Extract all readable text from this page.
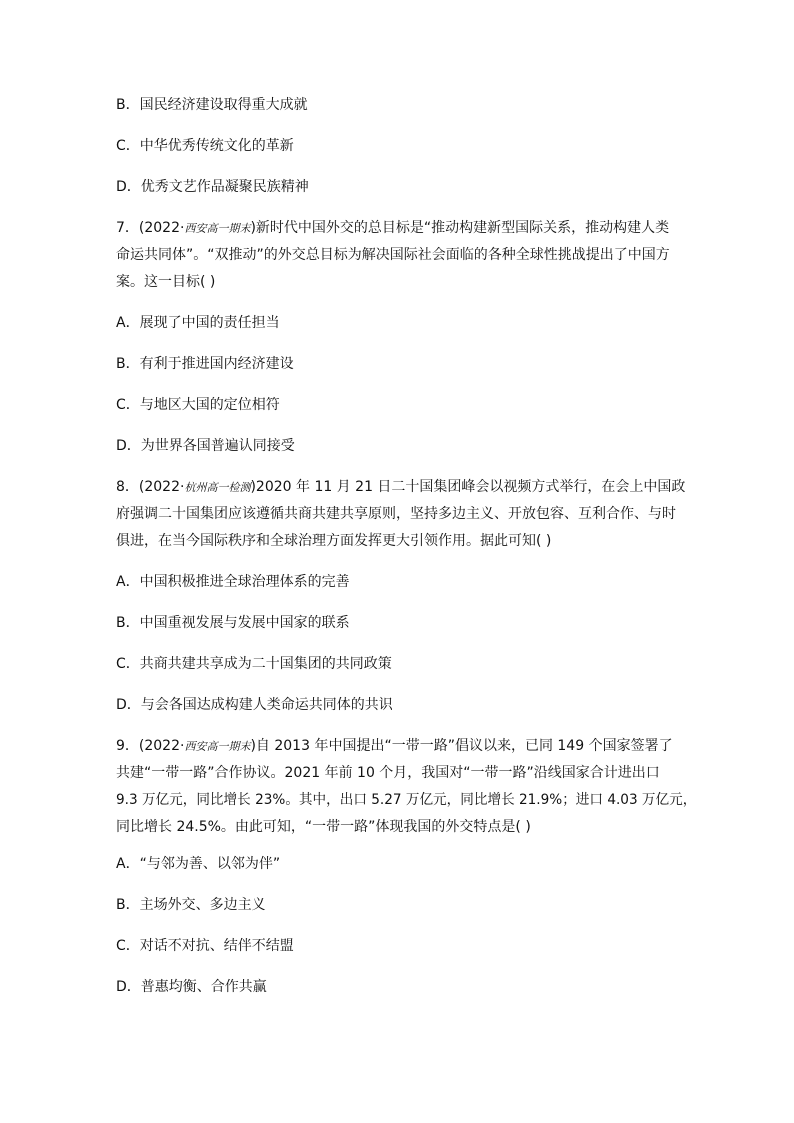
B．国民经济建设取得重大成就
C．中华优秀传统文化的革新
D．优秀文艺作品凝聚民族精神
7．(2022·西安高一期末)新时代中国外交的总目标是“推动构建新型国际关系，推动构建人类
命运共同体”。“双推动”的外交总目标为解决国际社会面临的各种全球性挑战提出了中国方
案。这一目标( )
A．展现了中国的责任担当
B．有利于推进国内经济建设
C．与地区大国的定位相符
D．为世界各国普遍认同接受
8．(2022·杭州高一检测)2020 年 11 月 21 日二十国集团峰会以视频方式举行，在会上中国政
府强调二十国集团应该遵循共商共建共享原则，坚持多边主义、开放包容、互利合作、与时
俱进，在当今国际秩序和全球治理方面发挥更大引领作用。据此可知( )
A．中国积极推进全球治理体系的完善
B．中国重视发展与发展中国家的联系
C．共商共建共享成为二十国集团的共同政策
D．与会各国达成构建人类命运共同体的共识
9．(2022·西安高一期末)自 2013 年中国提出“一带一路”倡议以来，已同 149 个国家签署了
共建“一带一路”合作协议。2021 年前 10 个月，我国对“一带一路”沿线国家合计进出口
9.3 万亿元，同比增长 23%。其中，出口 5.27 万亿元，同比增长 21.9%；进口 4.03 万亿元，
同比增长 24.5%。由此可知，“一带一路”体现我国的外交特点是( )
A．“与邻为善、以邻为伴”
B．主场外交、多边主义
C．对话不对抗、结伴不结盟
D．普惠均衡、合作共赢
